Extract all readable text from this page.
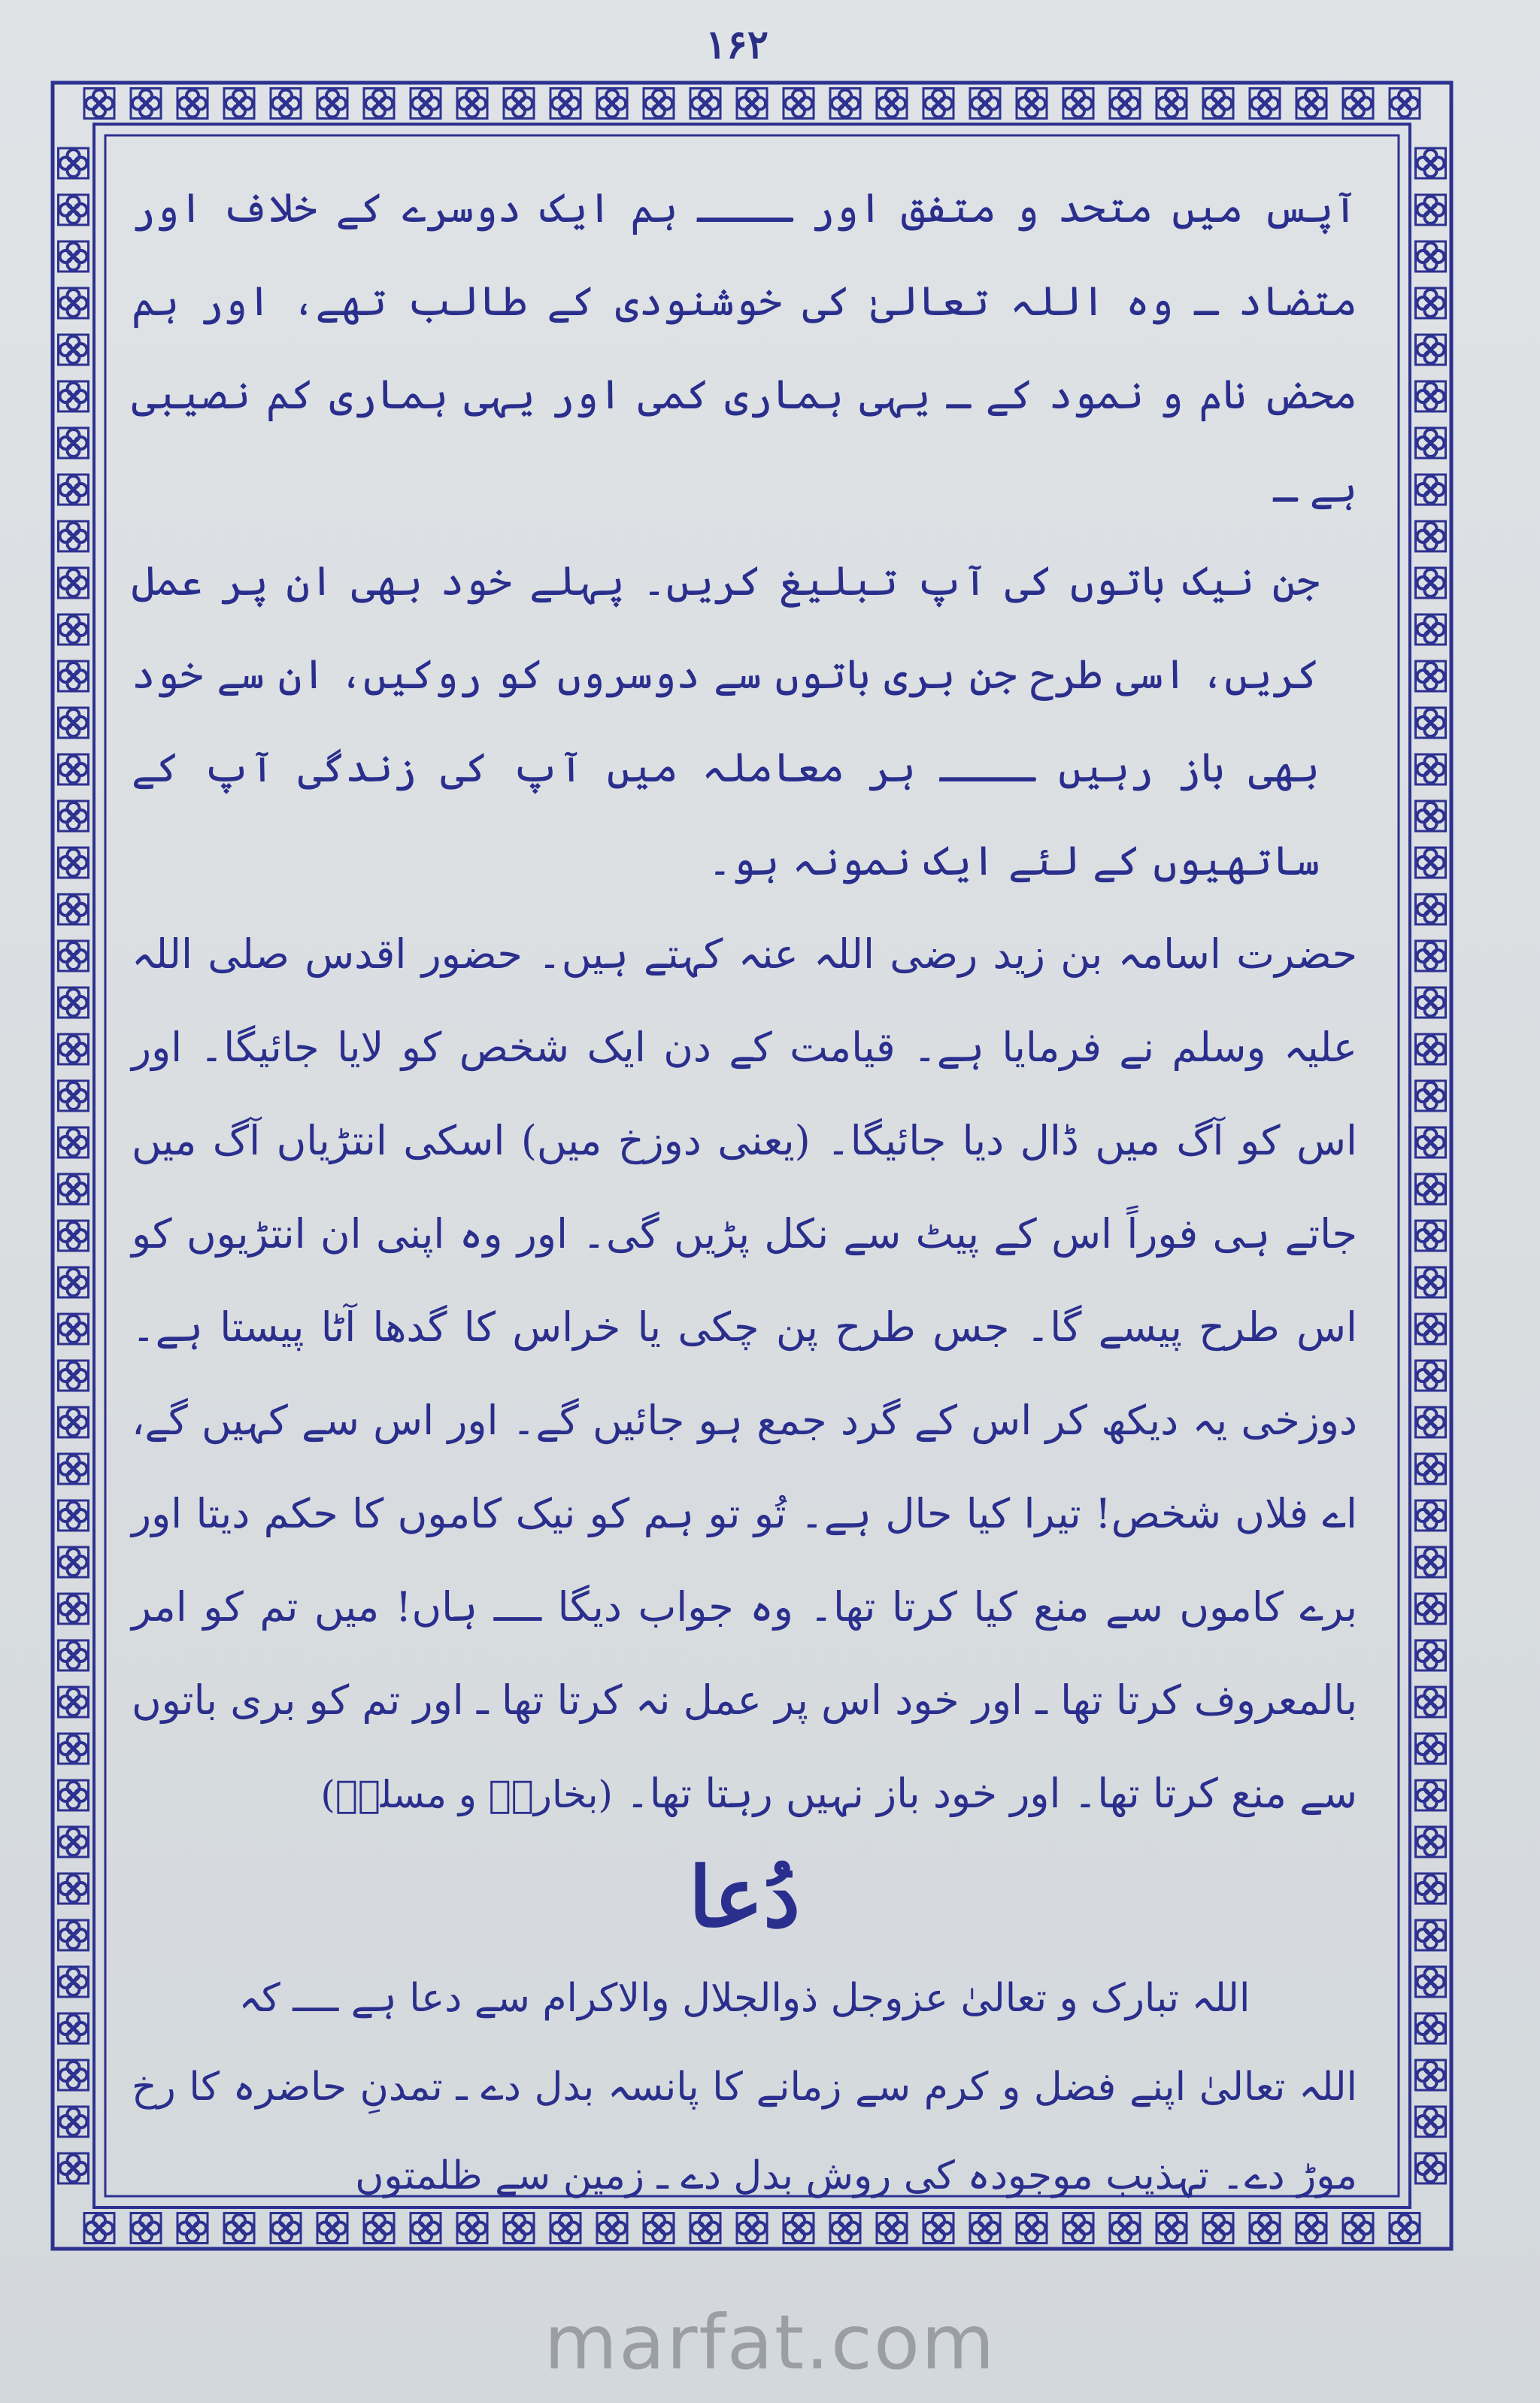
۱۶۲

آپس میں متحد و متفق اور ــــ ہم ایک دوسرے کے خلاف اور متضاد ـ وہ اللہ تعالیٰ کی خوشنودی کے طالب تھے، اور ہم محض نام و نمود کے ـ یہی ہماری کمی اور یہی ہماری کم نصیبی ہے ـ

جن نیک باتوں کی آپ تبلیغ کریں۔ پہلے خود بھی ان پر عمل کریں، اسی طرح جن بری باتوں سے دوسروں کو روکیں، ان سے خود بھی باز رہیں ــــ ہر معاملہ میں آپ کی زندگی آپ کے ساتھیوں کے لئے ایک نمونہ ہو۔

حضرت اسامہ بن زید رضی اللہ عنہ کہتے ہیں۔ حضور اقدس صلی اللہ علیہ وسلم نے فرمایا ہے۔ قیامت کے دن ایک شخص کو لایا جائیگا۔ اور اس کو آگ میں ڈال دیا جائیگا۔ (یعنی دوزخ میں) اسکی انتڑیاں آگ میں جاتے ہی فوراً اس کے پیٹ سے نکل پڑیں گی۔ اور وہ اپنی ان انتڑیوں کو اس طرح پیسے گا۔ جس طرح پن چکی یا خراس کا گدھا آٹا پیستا ہے۔ دوزخی یہ دیکھ کر اس کے گرد جمع ہو جائیں گے۔ اور اس سے کہیں گے، اے فلاں شخص! تیرا کیا حال ہے۔ تُو تو ہم کو نیک کاموں کا حکم دیتا اور برے کاموں سے منع کیا کرتا تھا۔ وہ جواب دیگا ــــ ہاں! میں تم کو امر بالمعروف کرتا تھا ـ اور خود اس پر عمل نہ کرتا تھا ـ اور تم کو بری باتوں سے منع کرتا تھا۔ اور خود باز نہیں رہتا تھا۔ (بخاریؒ و مسلمؒ)

دُعا

اللہ تبارک و تعالیٰ عزوجل ذوالجلال والاکرام سے دعا ہے ــــ کہ

اللہ تعالیٰ اپنے فضل و کرم سے زمانے کا پانسہ بدل دے ـ تمدنِ حاضرہ کا رخ موڑ دے۔ تہذیب موجودہ کی روش بدل دے ـ زمین سے ظلمتوں

marfat.com
